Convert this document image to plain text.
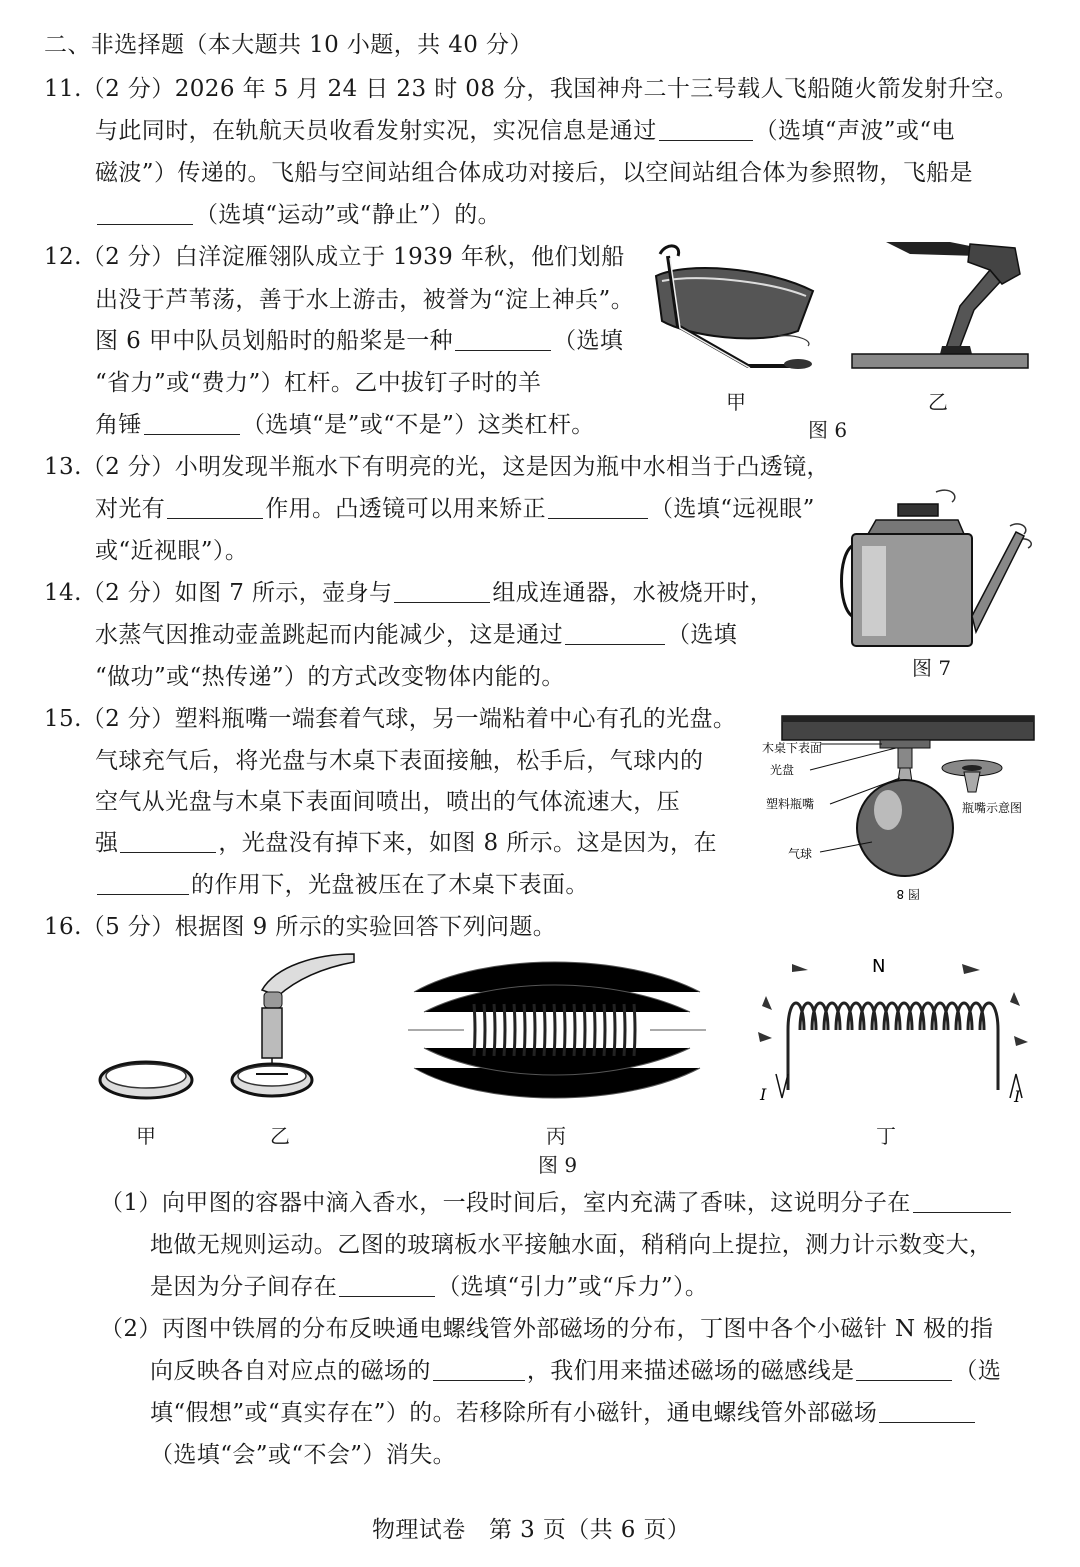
二、非选择题（本大题共 10 小题，共 40 分）
11.（2 分）2026 年 5 月 24 日 23 时 08 分，我国神舟二十三号载人飞船随火箭发射升空。
与此同时，在轨航天员收看发射实况，实况信息是通过	（选填“声波”或“电
磁波”）传递的。飞船与空间站组合体成功对接后，以空间站组合体为参照物，飞船是
（选填“运动”或“静止”）的。
12.（2 分）白洋淀雁翎队成立于 1939 年秋，他们划船
出没于芦苇荡，善于水上游击，被誉为“淀上神兵”。
图 6 甲中队员划船时的船桨是一种	（选填
“省力”或“费力”）杠杆。乙中拔钉子时的羊
角锤	（选填“是”或“不是”）这类杠杆。
甲	乙
图 6
13.（2 分）小明发现半瓶水下有明亮的光，这是因为瓶中水相当于凸透镜，
对光有	作用。凸透镜可以用来矫正	（选填“远视眼”
或“近视眼”）。
图 7
14.（2 分）如图 7 所示，壶身与	组成连通器，水被烧开时，
水蒸气因推动壶盖跳起而内能减少，这是通过	（选填
“做功”或“热传递”）的方式改变物体内能的。
15.（2 分）塑料瓶嘴一端套着气球，另一端粘着中心有孔的光盘。
气球充气后，将光盘与木桌下表面接触，松手后，气球内的
空气从光盘与木桌下表面间喷出，喷出的气体流速大，压
强	，光盘没有掉下来，如图 8 所示。这是因为，在
的作用下，光盘被压在了木桌下表面。
木桌下表面
光盘
塑料瓶嘴
气球
瓶嘴示意图
图 8
16.（5 分）根据图 9 所示的实验回答下列问题。
N
I	I
甲	乙	丙	丁
图 9
（1）向甲图的容器中滴入香水，一段时间后，室内充满了香味，这说明分子在
地做无规则运动。乙图的玻璃板水平接触水面，稍稍向上提拉，测力计示数变大，
是因为分子间存在	（选填“引力”或“斥力”）。
（2）丙图中铁屑的分布反映通电螺线管外部磁场的分布，丁图中各个小磁针 N 极的指
向反映各自对应点的磁场的	，我们用来描述磁场的磁感线是	（选
填“假想”或“真实存在”）的。若移除所有小磁针，通电螺线管外部磁场
（选填“会”或“不会”）消失。
物理试卷　第 3 页（共 6 页）
